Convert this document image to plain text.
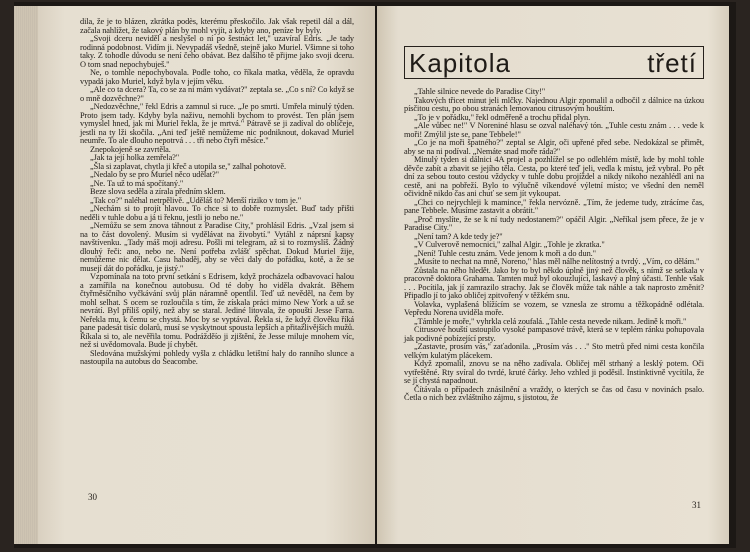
dila, že je to blázen, zkrátka podès, kterému přeskočilo. Jak však repetil dál a dál, začala nahlížet, že takový plán by mohl vyjít, a kdyby ano, peníze by byly.

„Svoji dceru neviděl a neslyšel o ní po šestnáct let," uzavíral Edris. „Je tady rodinná podobnost. Vidím ji. Nevypadáš všedně, stejně jako Muriel. Všimne si toho taky. Z tohodle důvodu se není čeho obávat. Bez dalšího tě přijme jako svoji dceru. O tom snad nepochybuješ."

Ne, o tomhle nepochybovala. Podle toho, co říkala matka, věděla, že opravdu vypadá jako Muriel, když byla v jejím věku.

„Ale co ta dcera? Ta, co se za ni mám vydávat?" zeptala se. „Co s ní? Co když se o mně dozvěchne?"

„Nedozvěchne," řekl Edris a zamnul si ruce. „Je po smrti. Umřela minulý týden. Proto jsem tady. Kdyby byla naživu, nemohli bychom to provést. Ten plán jsem vymyslel hned, jak mi Muriel řekla, že je mrtvá." Pátravě se ji zadíval do obličeje, jestli na ty lži skočila. „Ani teď ještě nemůžeme nic podniknout, dokavad Muriel neumře. To ale dlouho nepotrvá . . . tři nebo čtyři měsíce."

Znepokojeně se zavrtěla.

„Jak ta její holka zemřela?"

„Šla si zaplavat, chytla ji křeč a utopila se," zalhal pohotově.

„Nedalo by se pro Muriel něco udělat?"

„Ne. Ta už to má spočítaný."

Beze slova seděla a zírala předním sklem.

„Tak co?" naléhal netrpělivě. „Uděláš to? Menší riziko v tom je."

„Nechám si to projít hlavou. To chce si to dobře rozmyslet. Buď tady přišti neděli v tuhle dobu a já ti řeknu, jestli jo nebo ne."

„Nemůžu se sem znova táhnout z Paradise City," prohlásil Edris. „Vzal jsem si na to část dovolený. Musím si vydělávat na živobytí." Vytáhl z náprsní kapsy navštívenku. „Tady máš moji adresu. Pošli mi telegram, až si to rozmyslíš. Žádný dlouhý řeči: ano, nebo ne. Není potřeba zvlášť spěchat. Dokud Muriel žije, nemůžeme nic dělat. Casu habaděj, aby se věci daly do pořádku, kotě, a že se musejí dát do pořádku, je jistý."

Vzpomínala na toto první setkání s Edrisem, když procházela odbavovací halou a zamířila na konečnou autobusu. Od té doby ho viděla dvakrát. Během čtyřměsíčního vyčkávání svůj plán náramně opentlil. Teď už nevěděl, na čem by mohl selhat. S ocem se rozloučila s tím, že získala práci mimo New York a už se nevrátí. Byl příliš opilý, než aby se staral. Jediné litovala, že opouští Jesse Farra. Neřekla mu, k čemu se chystá. Moc by se vyptával. Řekla si, že když člověku říká pane padesát tisíc dolarů, musí se vyskytnout spousta lepších a přitažlivějších mužů. Říkala si to, ale nevěřila tomu. Podrážděío ji zjištění, že Jesse miluje mnohem víc, než si uvědomovala. Bude jí chybět.

Sledována mužskými pohledy vyšla z chládku letištní haly do ranního slunce a nastoupila na autobus do Seacombe.

30
Kapitola	třetí

„Tahle silnice nevede do Paradise City!"

Takových třicet minut jeli mlčky. Najednou Algir zpomalil a odbočil z dálnice na úzkou písčitou cestu, po obou stranách lemovanou citrusovým houštím.

„To je v pořádku," řekl odměřeně a trochu přidal plyn.

„Ale vůbec ne!" V Noreniné hlasu se ozval naléhavý tón. „Tuhle cestu znám . . . vede k moři! Zmýlil jste se, pane Tebbele!"

„Co je na moři špatného?" zeptal se Algir, oči upřené před sebe. Nedokázal se přimět, aby se na ni podíval. „Nemáte snad moře ráda?"

Minulý týden si dálnici 4A projel a pozhlížel se po odlehlém místě, kde by mohl tohle děvče zabít a zbavit se jejího těla. Cesta, po které teď jeli, vedla k místu, jež vybral. Po pět dní za sebou touto cestou vždycky v tuhle dobu projíždel a nikdy nikoho nezahlédl ani na cestě, ani na pobřeží. Bylo to výlučně víkendové výletní místo; ve všední den neměl očividně nikdo čas ani chuť se sem jít vykoupat.

„Chci co nejrychleji k mamince," řekla nervózně. „Tím, že jedeme tudy, ztrácíme čas, pane Tebbele. Musíme zastavit a obrátit."

„Proč myslíte, že se k ní tudy nedostanem?" opáčil Algir. „Neříkal jsem přece, že je v Paradise City."

„Není tam? A kde tedy je?"

„V Culverově nemocnici," zalhal Algir. „Tohle je zkratka."

„Není! Tuhle cestu znám. Vede jenom k moři a do dun."

„Musíte to nechat na mně, Noreno," hlas měl nálhe nelítostný a tvrdý. „Vím, co dělám."

Zůstala na něho hledět. Jako by to byl někdo úplně jiný než člověk, s nímž se setkala v pracovně doktora Grahama. Tamten muž byl okouzlující, laskavý a plný účasti. Tenhle však . . . Pocítila, jak jí zamrazilo strachy. Jak se člověk může tak náhle a tak naprosto změnit? Připadlo jí to jako obličej zpitvořený v těžkém snu.

Volavka, vyplašená blížícím se vozem, se vznesla ze stromu a těžkopádně odlétala. Vepředu Norena uviděla moře.

„Támhle je moře," vyhrkla celá zoufalá. „Tahle cesta nevede nikam. Jedině k moři."

Citrusové houští ustoupilo vysoké pampasové trávě, která se v teplém ránku pohupovala jak podivné pobízející prsty.

„Zastavte, prosím vás," zaťadonila. „Prosím vás . . ." Sto metrů před nimi cesta končila velkým kulatým plácekem.

Když zpomalil, znovu se na něho zadívala. Obličej měl strhaný a lesklý potem. Oči vytřeštěné. Rty svíral do tvrdé, kruté čárky. Jeho vzhled ji poděsil. Instinktivně vycítila, že se jí chystá napadnout.

Čítávala o případech znásilnění a vraždy, o kterých se čas od času v novinách psalo. Četla o nich bez zvláštního zájmu, s jistotou, že

31
